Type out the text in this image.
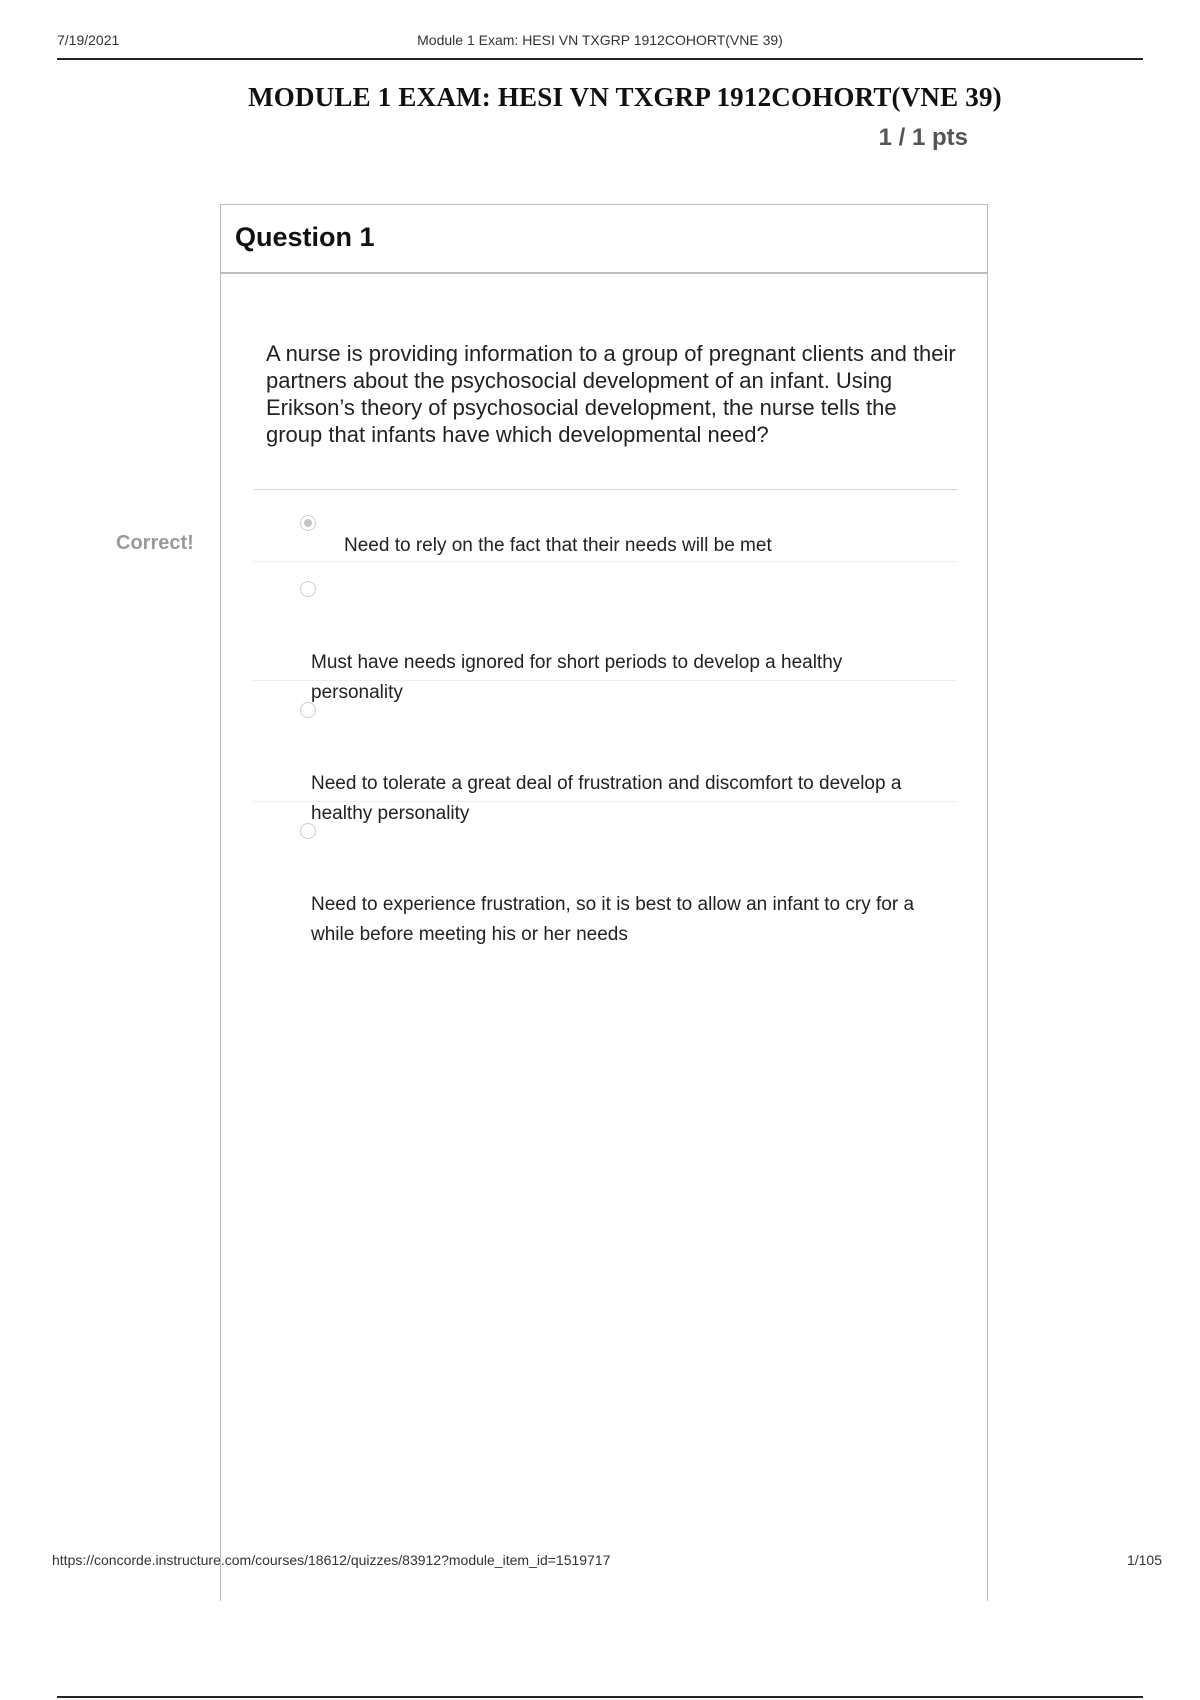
7/19/2021	Module 1 Exam: HESI VN TXGRP 1912COHORT(VNE 39)
MODULE 1 EXAM: HESI VN TXGRP 1912COHORT(VNE 39)
1 / 1 pts
Correct!
Question 1
A nurse is providing information to a group of pregnant clients and their partners about the psychosocial development of an infant. Using Erikson’s theory of psychosocial development, the nurse tells the group that infants have which developmental need?
Need to rely on the fact that their needs will be met
Must have needs ignored for short periods to develop a healthy personality
Need to tolerate a great deal of frustration and discomfort to develop a healthy personality
Need to experience frustration, so it is best to allow an infant to cry for a while before meeting his or her needs
https://concorde.instructure.com/courses/18612/quizzes/83912?module_item_id=1519717	1/105
